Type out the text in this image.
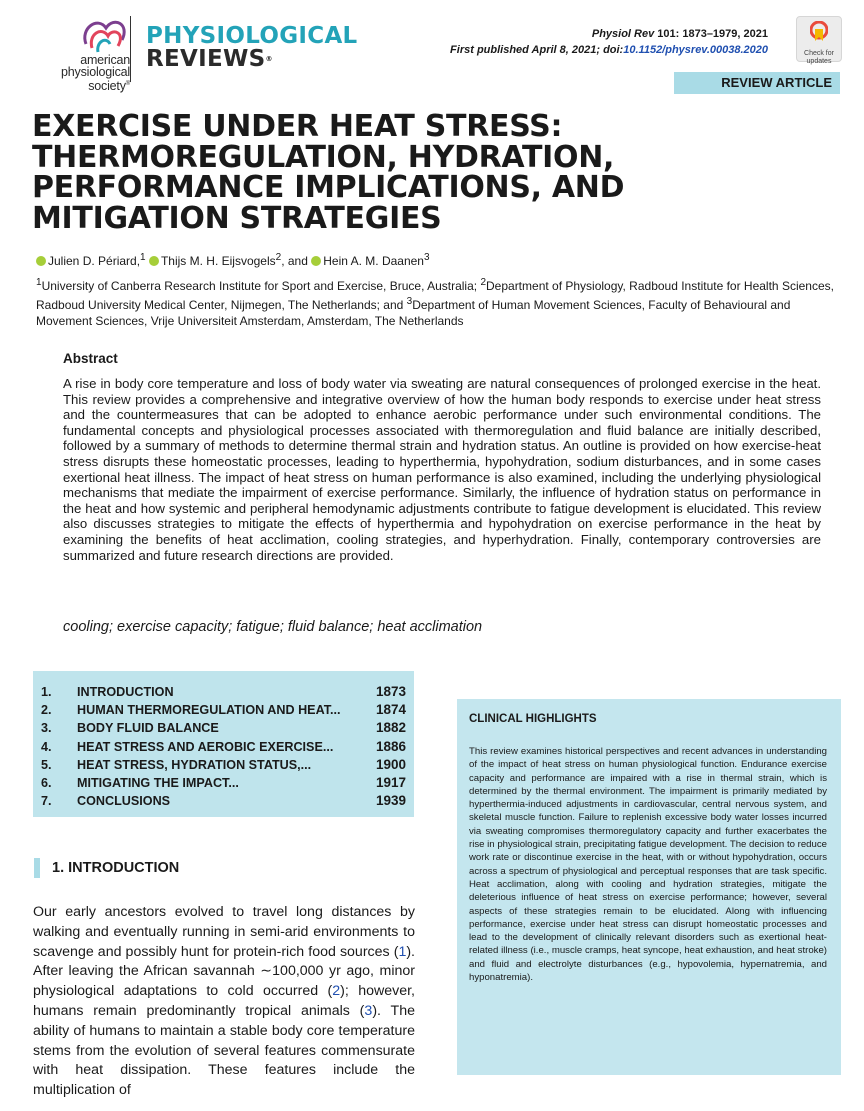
american
physiological
society®
PHYSIOLOGICAL
REVIEWS®
Physiol Rev 101: 1873–1979, 2021
First published April 8, 2021; doi:10.1152/physrev.00038.2020	Check for updates
REVIEW ARTICLE
EXERCISE UNDER HEAT STRESS: THERMOREGULATION, HYDRATION, PERFORMANCE IMPLICATIONS, AND MITIGATION STRATEGIES
Julien D. Périard,$^1$ Thijs M. H. Eijsvogels$^2$, and Hein A. M. Daanen$^3$
$^1$University of Canberra Research Institute for Sport and Exercise, Bruce, Australia; $^2$Department of Physiology, Radboud Institute for Health Sciences, Radboud University Medical Center, Nijmegen, The Netherlands; and $^3$Department of Human Movement Sciences, Faculty of Behavioural and Movement Sciences, Vrije Universiteit Amsterdam, Amsterdam, The Netherlands
Abstract
A rise in body core temperature and loss of body water via sweating are natural consequences of prolonged exercise in the heat. This review provides a comprehensive and integrative overview of how the human body responds to exercise under heat stress and the countermeasures that can be adopted to enhance aerobic performance under such environmental conditions. The fundamental concepts and physiological processes associated with thermoregulation and fluid balance are initially described, followed by a summary of methods to determine thermal strain and hydration status. An outline is provided on how exercise-heat stress disrupts these homeostatic processes, leading to hyperthermia, hypohydration, sodium disturbances, and in some cases exertional heat illness. The impact of heat stress on human performance is also examined, including the underlying physiological mechanisms that mediate the impairment of exercise performance. Similarly, the influence of hydration status on performance in the heat and how systemic and peripheral hemodynamic adjustments contribute to fatigue development is elucidated. This review also discusses strategies to mitigate the effects of hyperthermia and hypohydration on exercise performance in the heat by examining the benefits of heat acclimation, cooling strategies, and hyperhydration. Finally, contemporary controversies are summarized and future research directions are provided.
cooling; exercise capacity; fatigue; fluid balance; heat acclimation
1.	INTRODUCTION	1873
2.	HUMAN THERMOREGULATION AND HEAT...	1874
3.	BODY FLUID BALANCE	1882
4.	HEAT STRESS AND AEROBIC EXERCISE...	1886
5.	HEAT STRESS, HYDRATION STATUS,...	1900
6.	MITIGATING THE IMPACT...	1917
7.	CONCLUSIONS	1939
CLINICAL HIGHLIGHTS
This review examines historical perspectives and recent advances in understanding of the impact of heat stress on human physiological function. Endurance exercise capacity and performance are impaired with a rise in thermal strain, which is determined by the thermal environment. The impairment is primarily mediated by hyperthermia-induced adjustments in cardiovascular, central nervous system, and skeletal muscle function. Failure to replenish excessive body water losses incurred via sweating compromises thermoregulatory capacity and further exacerbates the rise in physiological strain, precipitating fatigue development. The decision to reduce work rate or discontinue exercise in the heat, with or without hypohydration, occurs across a spectrum of physiological and perceptual responses that are task specific. Heat acclimation, along with cooling and hydration strategies, mitigate the deleterious influence of heat stress on exercise performance; however, several aspects of these strategies remain to be elucidated. Along with influencing performance, exercise under heat stress can disrupt homeostatic processes and lead to the development of clinically relevant disorders such as exertional heat-related illness (i.e., muscle cramps, heat syncope, heat exhaustion, and heat stroke) and fluid and electrolyte disturbances (e.g., hypovolemia, hypernatremia, and hyponatremia).
1. INTRODUCTION
Our early ancestors evolved to travel long distances by walking and eventually running in semi-arid environments to scavenge and possibly hunt for protein-rich food sources (1). After leaving the African savannah ∼100,000 yr ago, minor physiological adaptations to cold occurred (2); however, humans remain predominantly tropical animals (3). The ability of humans to maintain a stable body core temperature stems from the evolution of several features commensurate with heat dissipation. These features include the multiplication of
